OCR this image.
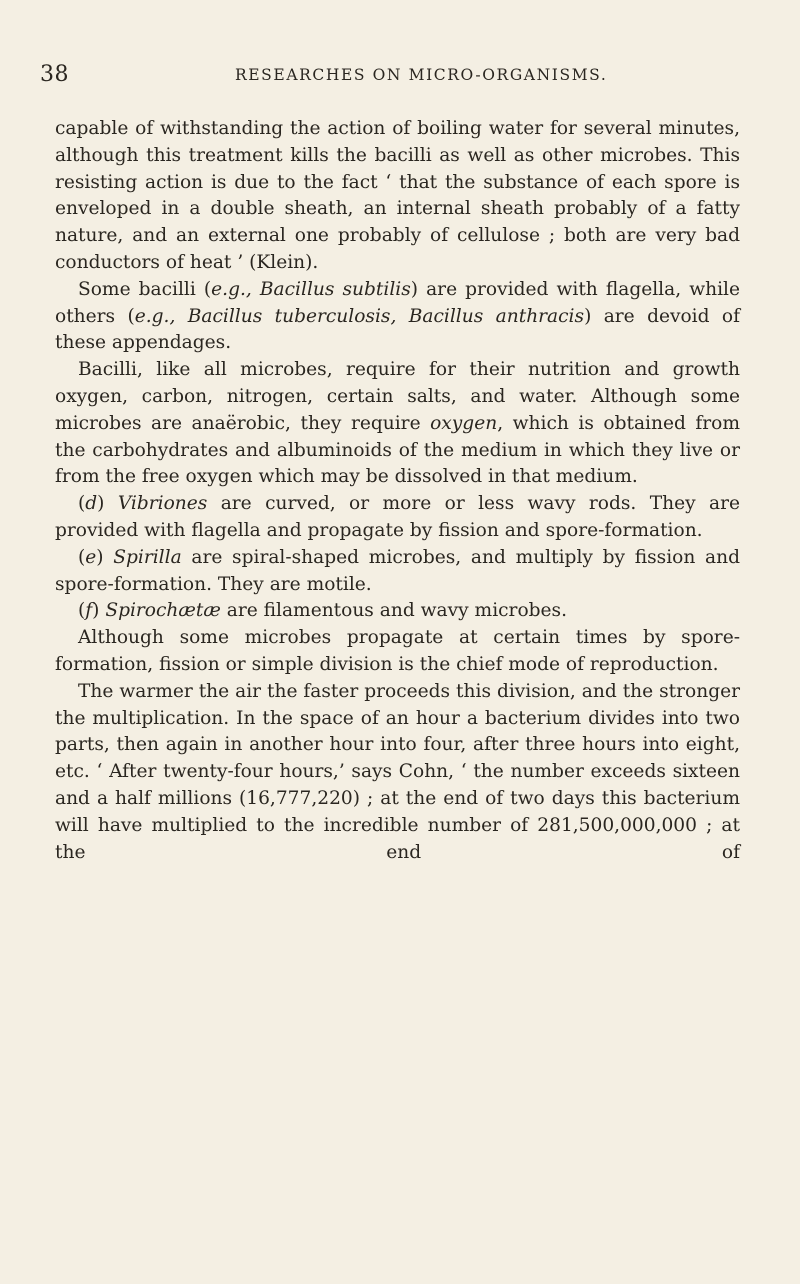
38	RESEARCHES ON MICRO-ORGANISMS.

capable of withstanding the action of boiling water for several minutes, although this treatment kills the bacilli as well as other microbes. This resisting action is due to the fact ‘ that the substance of each spore is enveloped in a double sheath, an internal sheath probably of a fatty nature, and an external one probably of cellulose ; both are very bad conductors of heat ’ (Klein).

Some bacilli (e.g., Bacillus subtilis) are provided with flagella, while others (e.g., Bacillus tuberculosis, Bacillus anthracis) are devoid of these appendages.

Bacilli, like all microbes, require for their nutrition and growth oxygen, carbon, nitrogen, certain salts, and water. Although some microbes are anaërobic, they require oxygen, which is obtained from the carbohydrates and albuminoids of the medium in which they live or from the free oxygen which may be dissolved in that medium.

(d) Vibriones are curved, or more or less wavy rods. They are provided with flagella and propagate by fission and spore-formation.

(e) Spirilla are spiral-shaped microbes, and multiply by fission and spore-formation. They are motile.

(f) Spirochætæ are filamentous and wavy microbes.

Although some microbes propagate at certain times by spore-formation, fission or simple division is the chief mode of reproduction.

The warmer the air the faster proceeds this division, and the stronger the multiplication. In the space of an hour a bacterium divides into two parts, then again in another hour into four, after three hours into eight, etc. ‘ After twenty-four hours,’ says Cohn, ‘ the number exceeds sixteen and a half millions (16,777,220) ; at the end of two days this bacterium will have multiplied to the incredible number of 281,500,000,000 ; at the end of
